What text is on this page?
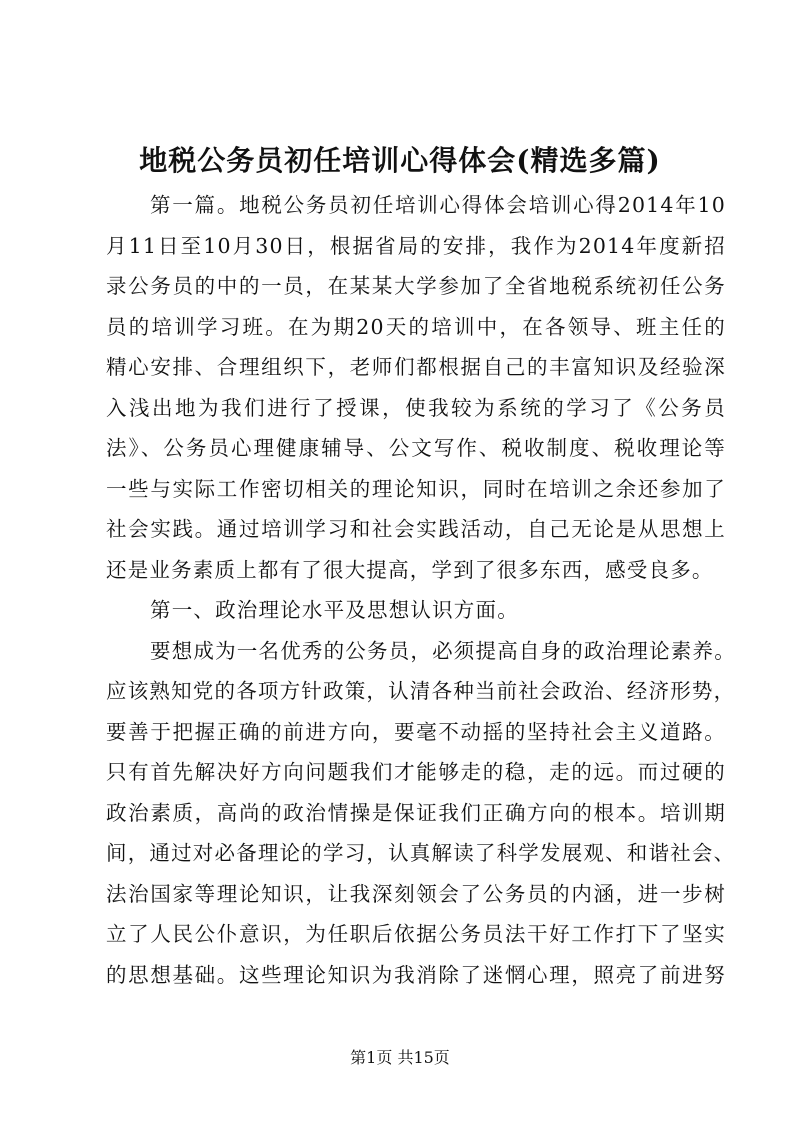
地税公务员初任培训心得体会(精选多篇)
第一篇。地税公务员初任培训心得体会培训心得2014年10
月11日至10月30日，根据省局的安排，我作为2014年度新招
录公务员的中的一员，在某某大学参加了全省地税系统初任公务
员的培训学习班。在为期20天的培训中，在各领导、班主任的
精心安排、合理组织下，老师们都根据自己的丰富知识及经验深
入浅出地为我们进行了授课，使我较为系统的学习了《公务员
法》、公务员心理健康辅导、公文写作、税收制度、税收理论等
一些与实际工作密切相关的理论知识，同时在培训之余还参加了
社会实践。通过培训学习和社会实践活动，自己无论是从思想上
还是业务素质上都有了很大提高，学到了很多东西，感受良多。
第一、政治理论水平及思想认识方面。
要想成为一名优秀的公务员，必须提高自身的政治理论素养。
应该熟知党的各项方针政策，认清各种当前社会政治、经济形势，
要善于把握正确的前进方向，要毫不动摇的坚持社会主义道路。
只有首先解决好方向问题我们才能够走的稳，走的远。而过硬的
政治素质，高尚的政治情操是保证我们正确方向的根本。培训期
间，通过对必备理论的学习，认真解读了科学发展观、和谐社会、
法治国家等理论知识，让我深刻领会了公务员的内涵，进一步树
立了人民公仆意识，为任职后依据公务员法干好工作打下了坚实
的思想基础。这些理论知识为我消除了迷惘心理，照亮了前进努
第1页 共15页
